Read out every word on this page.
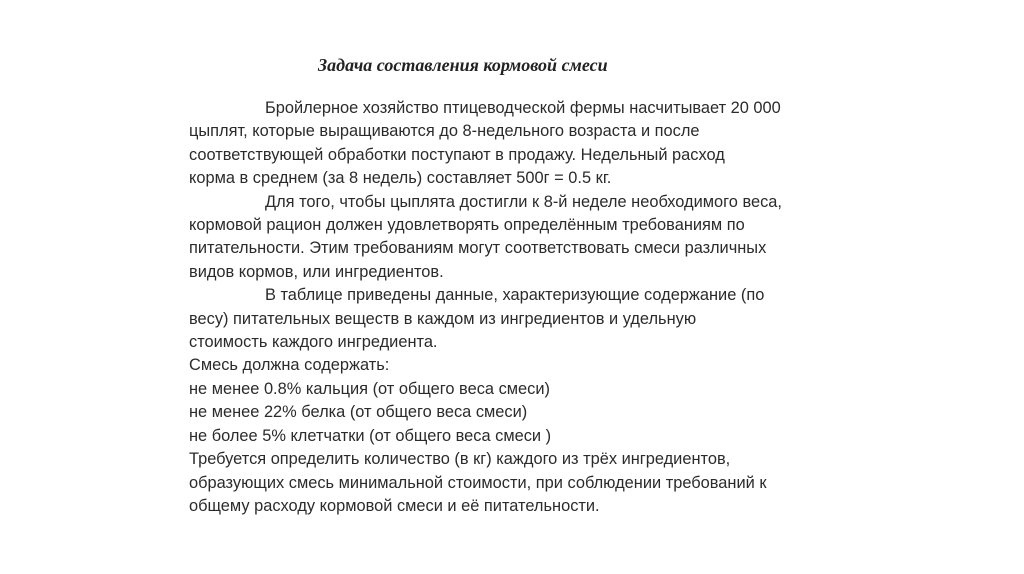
Задача составления кормовой смеси
Бройлерное хозяйство птицеводческой фермы насчитывает 20 000
цыплят, которые выращиваются до 8-недельного возраста и после
соответствующей обработки поступают в продажу. Недельный расход
корма в среднем (за 8 недель) составляет 500г = 0.5 кг.
Для того, чтобы цыплята достигли к 8-й неделе необходимого веса,
кормовой рацион должен удовлетворять определённым требованиям по
питательности. Этим требованиям могут соответствовать смеси различных
видов кормов, или ингредиентов.
В таблице приведены данные, характеризующие содержание (по
весу) питательных веществ в каждом из ингредиентов и удельную
стоимость каждого ингредиента.
Смесь должна содержать:
не менее 0.8% кальция (от общего веса смеси)
не менее 22% белка (от общего веса смеси)
не более 5% клетчатки (от общего веса смеси )
Требуется определить количество (в кг) каждого из трёх ингредиентов,
образующих смесь минимальной стоимости, при соблюдении требований к
общему расходу кормовой смеси и её питательности.
